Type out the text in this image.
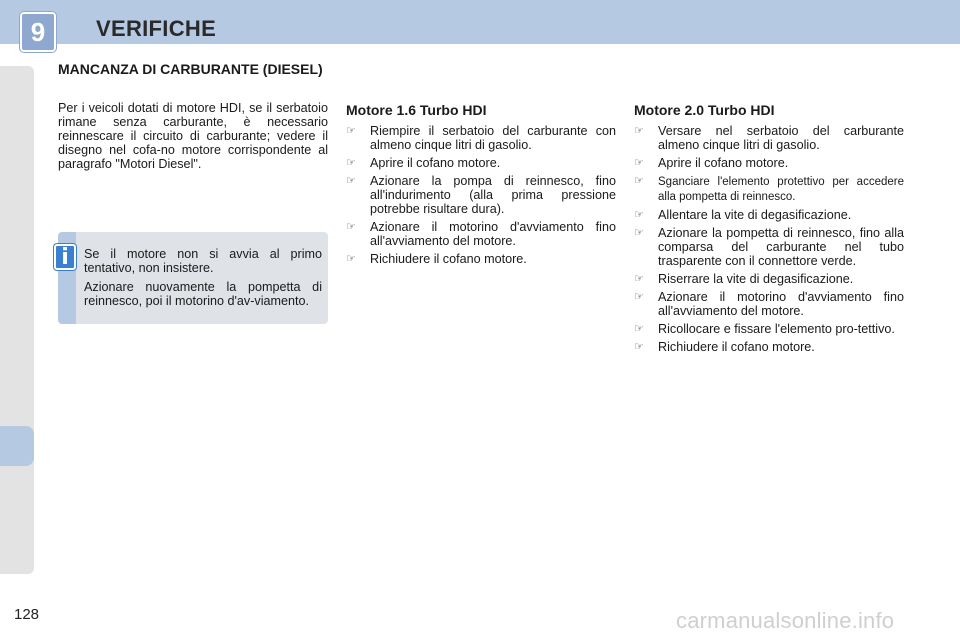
9	VERIFICHE
MANCANZA DI CARBURANTE (DIESEL)
Per i veicoli dotati di motore HDI, se il serbatoio rimane senza carburante, è necessario reinnescare il circuito di carburante; vedere il disegno nel cofa-no motore corrispondente al paragrafo "Motori Diesel".
i	Se il motore non si avvia al primo tentativo, non insistere.

Azionare nuovamente la pompetta di reinnesco, poi il motorino d'av-viamento.

Motore 1.6 Turbo HDI
☞ Riempire il serbatoio del carburante con almeno cinque litri di gasolio.
☞ Aprire il cofano motore.
☞ Azionare la pompa di reinnesco, fino all'indurimento (alla prima pressione potrebbe risultare dura).
☞ Azionare il motorino d'avviamento fino all'avviamento del motore.
☞ Richiudere il cofano motore.
Motore 2.0 Turbo HDI
☞ Versare nel serbatoio del carburante almeno cinque litri di gasolio.
☞ Aprire il cofano motore.
☞ Sganciare l'elemento protettivo per accedere alla pompetta di reinnesco.
☞ Allentare la vite di degasificazione.
☞ Azionare la pompetta di reinnesco, fino alla comparsa del carburante nel tubo trasparente con il connettore verde.
☞ Riserrare la vite di degasificazione.
☞ Azionare il motorino d'avviamento fino all'avviamento del motore.
☞ Ricollocare e fissare l'elemento pro-tettivo.
☞ Richiudere il cofano motore.
128	carmanualsonline.info
